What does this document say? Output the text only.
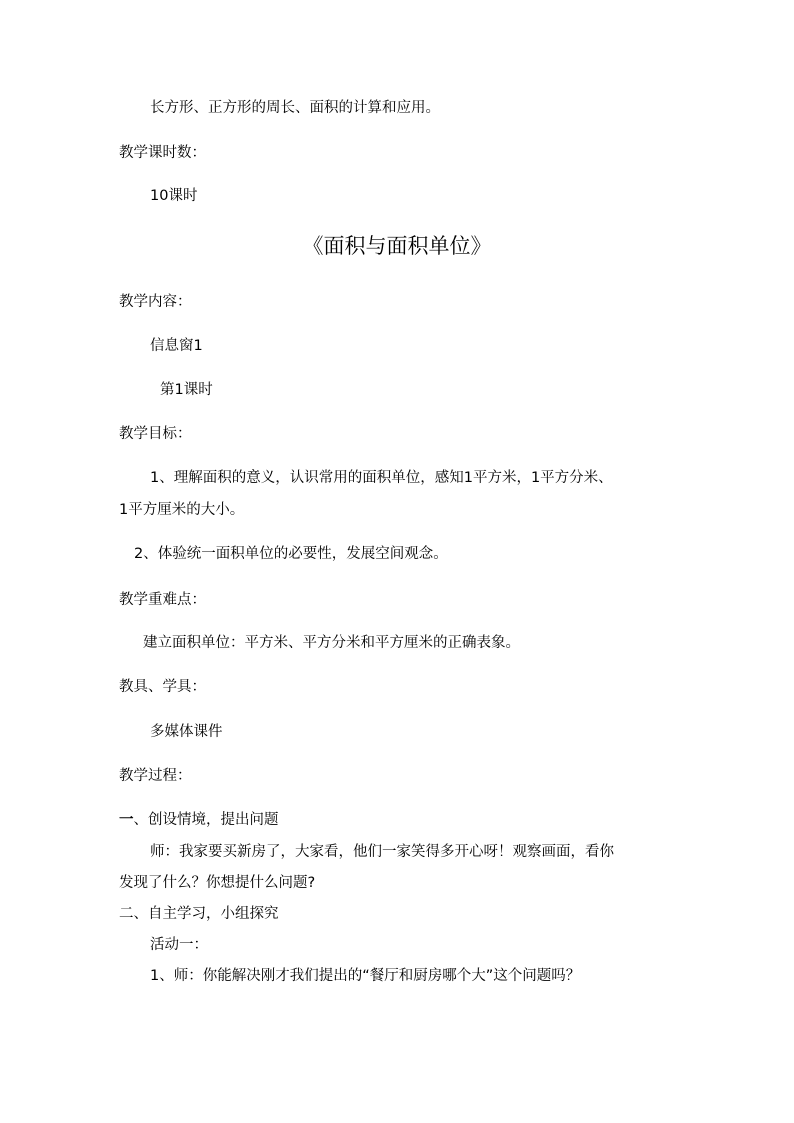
长方形、正方形的周长、面积的计算和应用。
教学课时数：
10课时
《面积与面积单位》
教学内容：
信息窗1
第1课时
教学目标：
1、理解面积的意义，认识常用的面积单位，感知1平方米，1平方分米、
1平方厘米的大小。
2、体验统一面积单位的必要性，发展空间观念。
教学重难点：
建立面积单位：平方米、平方分米和平方厘米的正确表象。
教具、学具：
多媒体课件
教学过程：
一、创设情境，提出问题
师：我家要买新房了，大家看，他们一家笑得多开心呀！观察画面，看你
发现了什么？你想提什么问题?
二、自主学习，小组探究
活动一：
1、师：你能解决刚才我们提出的“餐厅和厨房哪个大”这个问题吗？
